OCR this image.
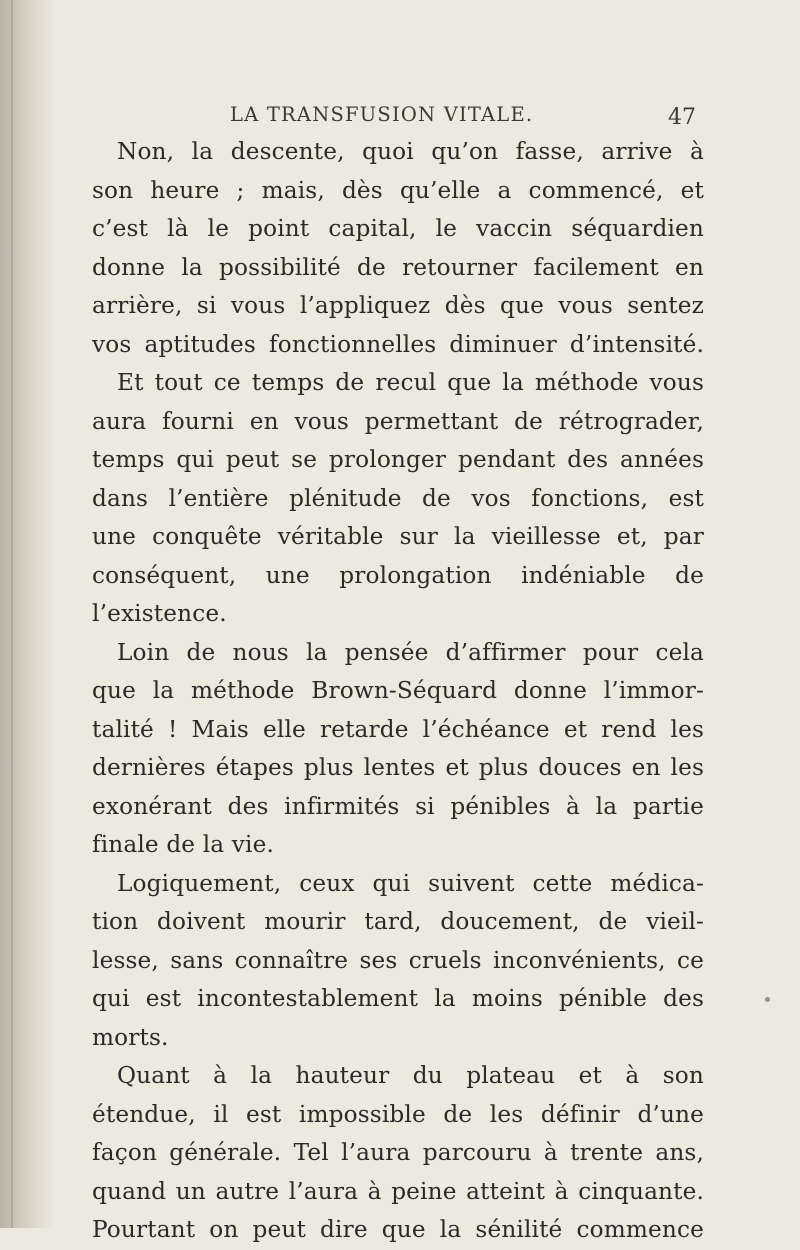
LA TRANSFUSION VITALE.	47
Non, la descente, quoi qu’on fasse, arrive à
son heure ; mais, dès qu’elle a commencé, et
c’est là le point capital, le vaccin séquardien
donne la possibilité de retourner facilement en
arrière, si vous l’appliquez dès que vous sentez
vos aptitudes fonctionnelles diminuer d’intensité.
Et tout ce temps de recul que la méthode vous
aura fourni en vous permettant de rétrograder,
temps qui peut se prolonger pendant des années
dans l’entière plénitude de vos fonctions, est
une conquête véritable sur la vieillesse et, par
conséquent, une prolongation indéniable de
l’existence.
Loin de nous la pensée d’affirmer pour cela
que la méthode Brown-Séquard donne l’immor-
talité ! Mais elle retarde l’échéance et rend les
dernières étapes plus lentes et plus douces en les
exonérant des infirmités si pénibles à la partie
finale de la vie.
Logiquement, ceux qui suivent cette médica-
tion doivent mourir tard, doucement, de vieil-
lesse, sans connaître ses cruels inconvénients, ce
qui est incontestablement la moins pénible des
morts.
Quant à la hauteur du plateau et à son
étendue, il est impossible de les définir d’une
façon générale. Tel l’aura parcouru à trente ans,
quand un autre l’aura à peine atteint à cinquante.
Pourtant on peut dire que la sénilité commence
